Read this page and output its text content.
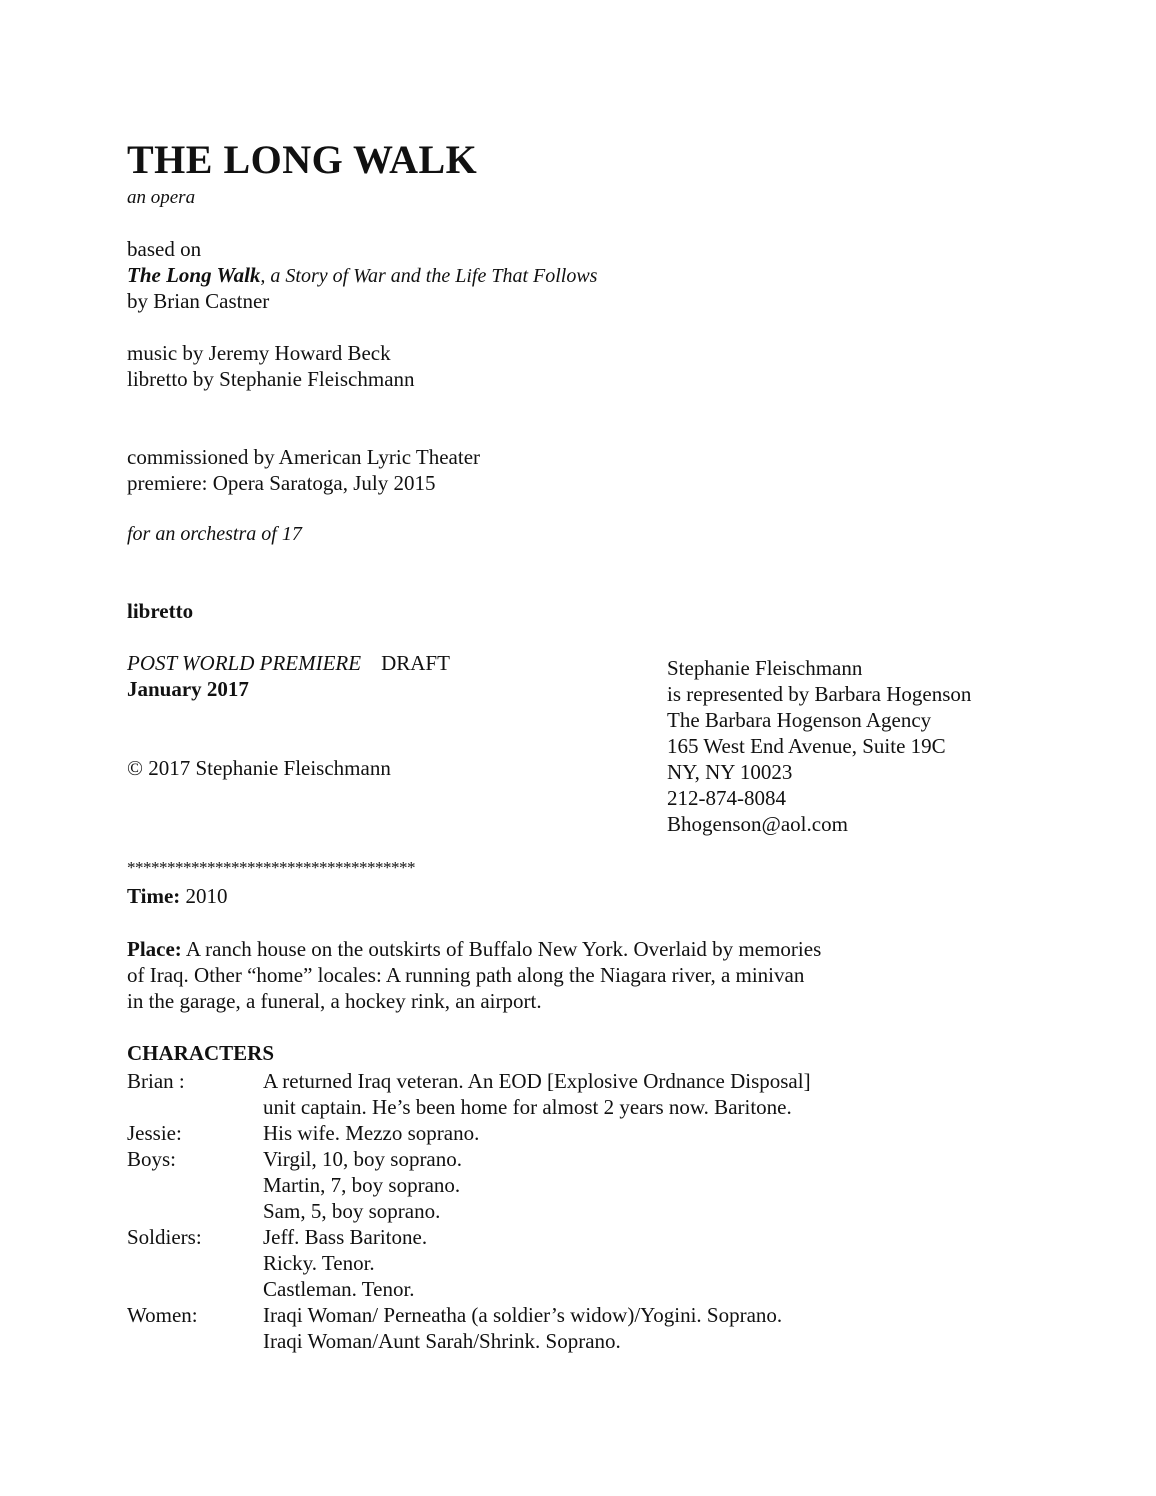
THE LONG WALK
an opera
based on
The Long Walk, a Story of War and the Life That Follows
by Brian Castner
music by Jeremy Howard Beck
libretto by Stephanie Fleischmann
commissioned by American Lyric Theater
premiere: Opera Saratoga, July 2015
for an orchestra of 17
libretto
POST WORLD PREMIERE DRAFT
January 2017
© 2017 Stephanie Fleischmann
Stephanie Fleischmann
is represented by Barbara Hogenson
The Barbara Hogenson Agency
165 West End Avenue, Suite 19C
NY, NY 10023
212-874-8084
Bhogenson@aol.com
************************************
Time: 2010
Place: A ranch house on the outskirts of Buffalo New York. Overlaid by memories
of Iraq. Other “home” locales: A running path along the Niagara river, a minivan
in the garage, a funeral, a hockey rink, an airport.
CHARACTERS
Brian :	A returned Iraq veteran. An EOD [Explosive Ordnance Disposal]
unit captain. He’s been home for almost 2 years now. Baritone.
Jessie:	His wife. Mezzo soprano.
Boys:	Virgil, 10, boy soprano.
Martin, 7, boy soprano.
Sam, 5, boy soprano.
Soldiers:	Jeff. Bass Baritone.
Ricky. Tenor.
Castleman. Tenor.
Women:	Iraqi Woman/ Perneatha (a soldier’s widow)/Yogini. Soprano.
Iraqi Woman/Aunt Sarah/Shrink. Soprano.
